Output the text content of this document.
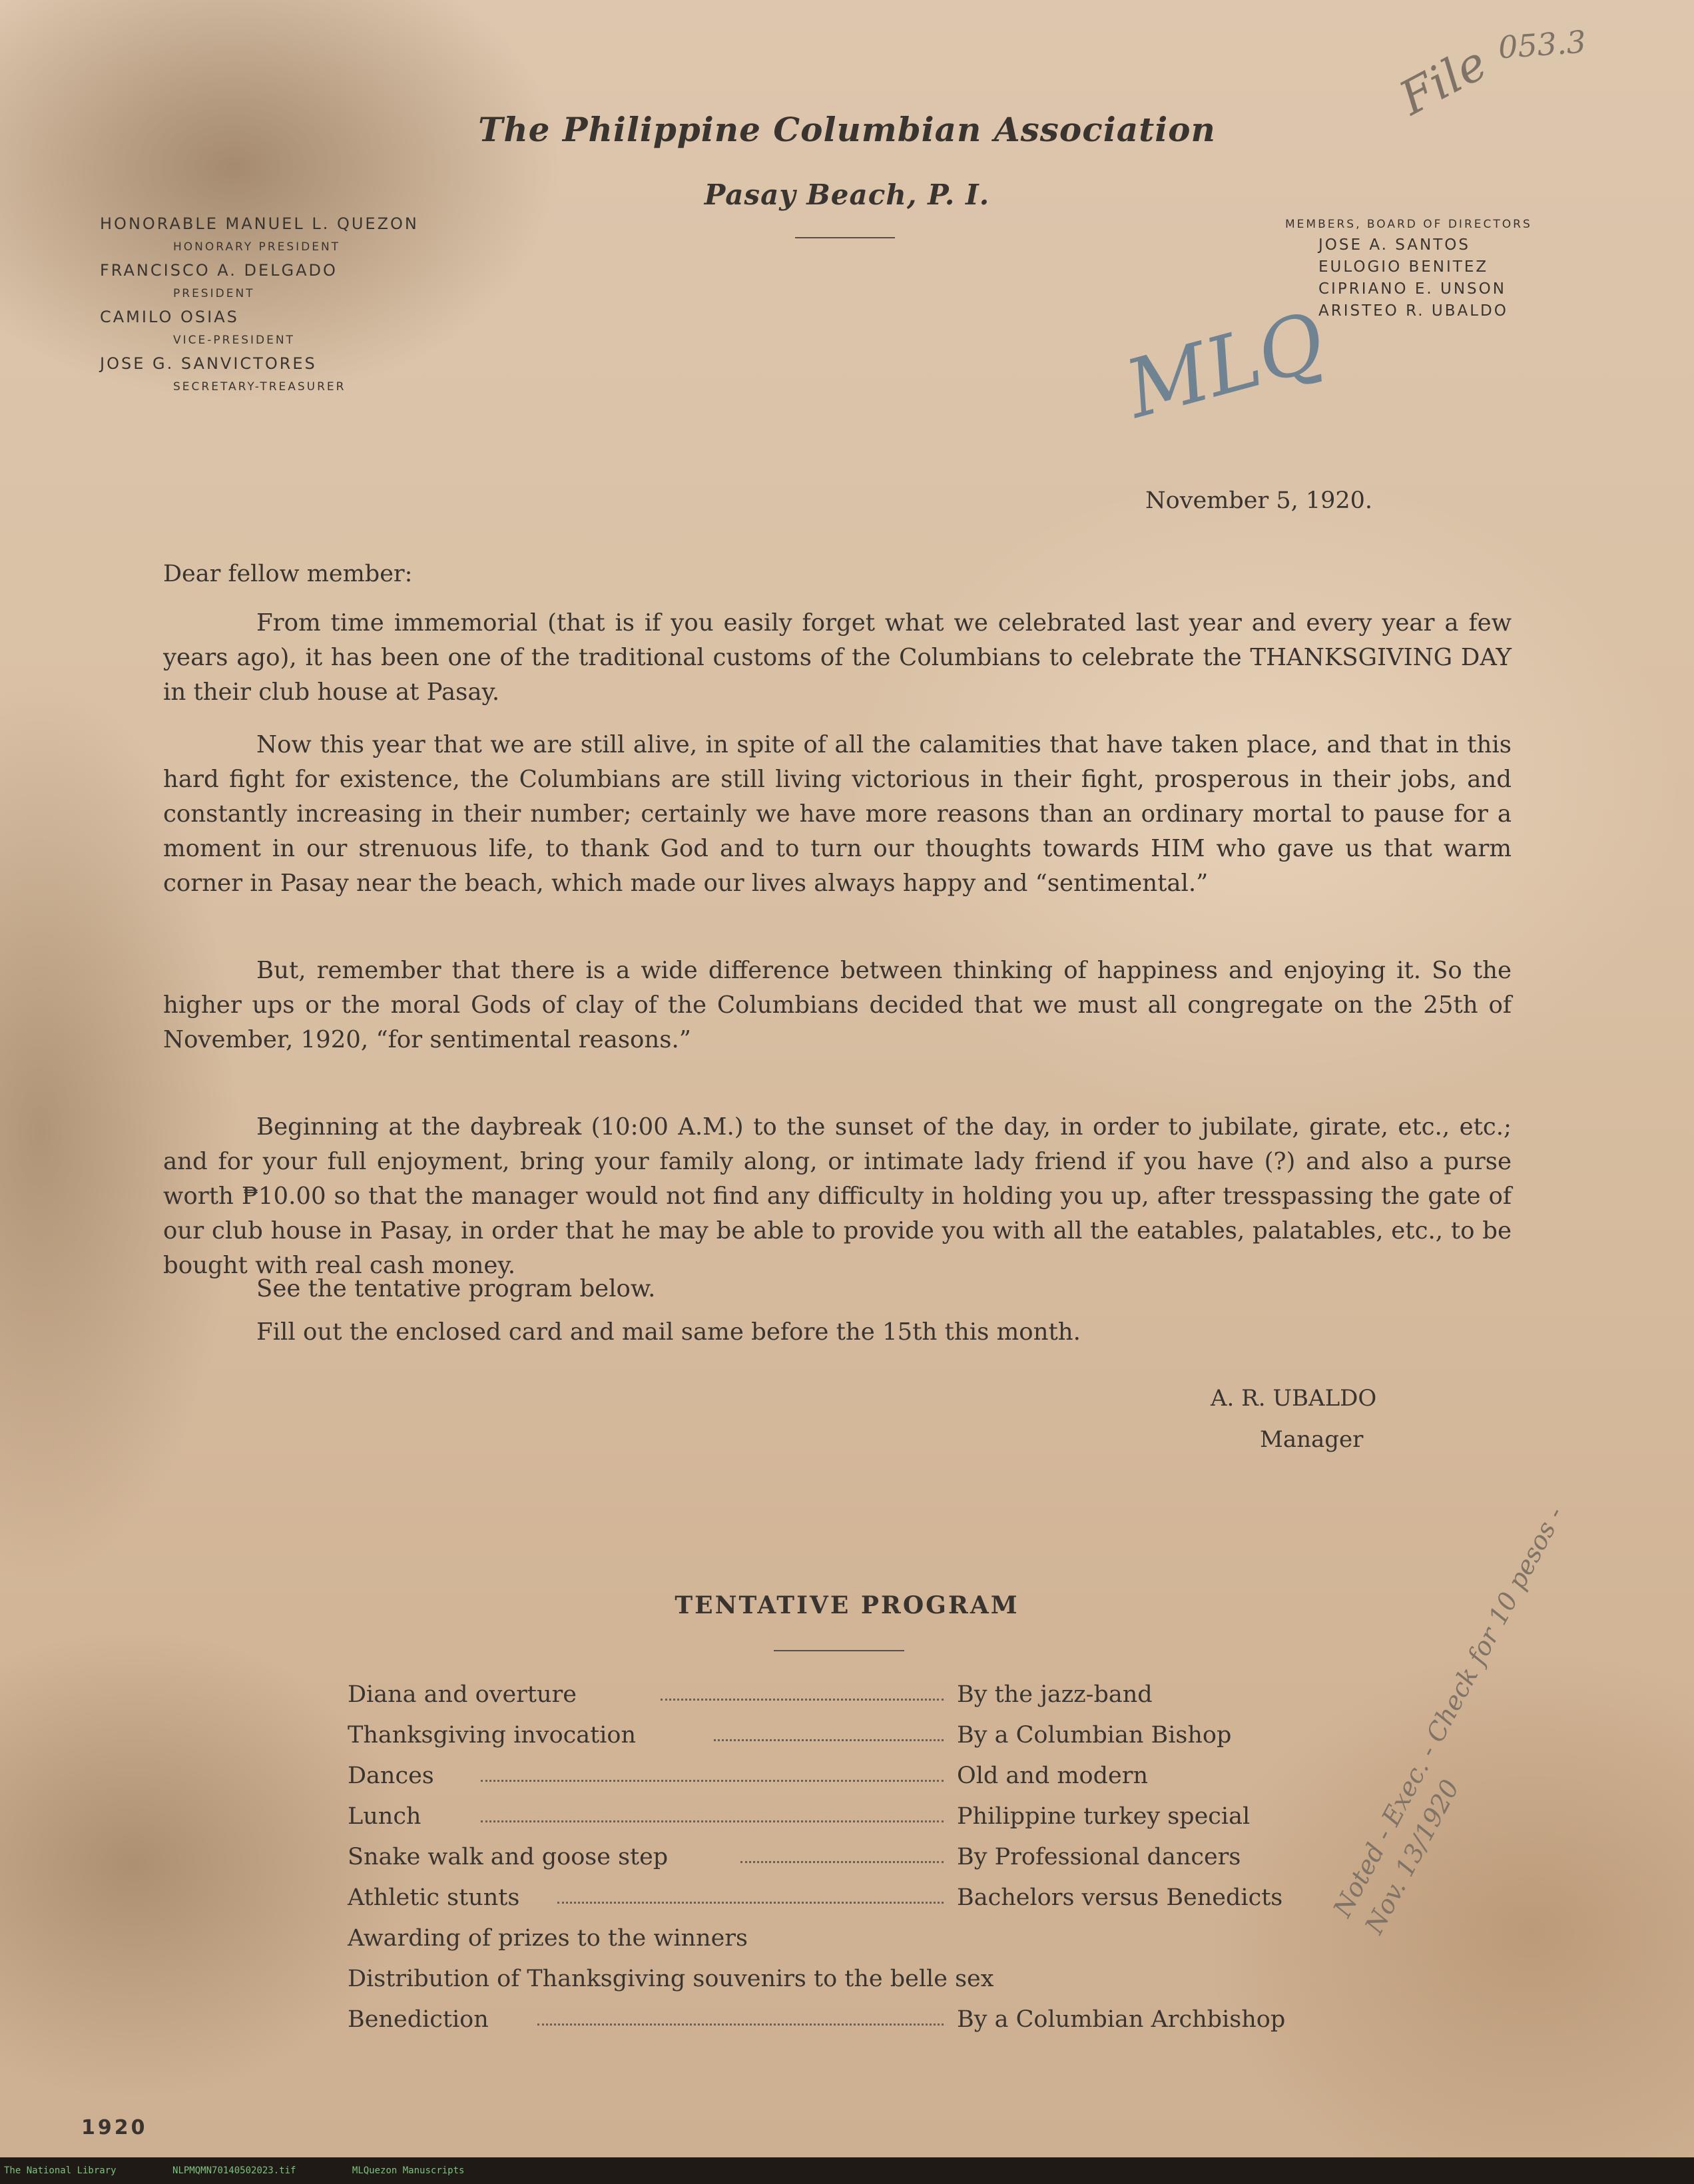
The Philippine Columbian Association
Pasay Beach, P. I.
HONORABLE MANUEL L. QUEZON
HONORARY PRESIDENT
FRANCISCO A. DELGADO
PRESIDENT
CAMILO OSIAS
VICE-PRESIDENT
JOSE G. SANVICTORES
SECRETARY-TREASURER
MEMBERS, BOARD OF DIRECTORS
JOSE A. SANTOS
EULOGIO BENITEZ
CIPRIANO E. UNSON
ARISTEO R. UBALDO
053.3
File
MLQ
Noted - Exec. - Check for 10 pesos - Nov. 13/1920
November 5, 1920.
Dear fellow member:
From time immemorial (that is if you easily forget what we celebrated last year and every year a few years ago), it has been one of the traditional customs of the Columbians to celebrate the THANKSGIVING DAY in their club house at Pasay.
Now this year that we are still alive, in spite of all the calamities that have taken place, and that in this hard fight for existence, the Columbians are still living victorious in their fight, prosperous in their jobs, and constantly increasing in their number; certainly we have more reasons than an ordinary mortal to pause for a moment in our strenuous life, to thank God and to turn our thoughts towards HIM who gave us that warm corner in Pasay near the beach, which made our lives always happy and “sentimental.”
But, remember that there is a wide difference between thinking of happiness and enjoying it. So the higher ups or the moral Gods of clay of the Columbians decided that we must all congregate on the 25th of November, 1920, “for sentimental reasons.”
Beginning at the daybreak (10:00 A.M.) to the sunset of the day, in order to jubilate, girate, etc., etc.; and for your full enjoyment, bring your family along, or intimate lady friend if you have (?) and also a purse worth ₱10.00 so that the manager would not find any difficulty in holding you up, after tresspassing the gate of our club house in Pasay, in order that he may be able to provide you with all the eatables, palatables, etc., to be bought with real cash money.
See the tentative program below.
Fill out the enclosed card and mail same before the 15th this month.
A. R. UBALDO
Manager
TENTATIVE PROGRAM
Diana and overture	By the jazz-band
Thanksgiving invocation	By a Columbian Bishop
Dances	Old and modern
Lunch	Philippine turkey special
Snake walk and goose step	By Professional dancers
Athletic stunts	Bachelors versus Benedicts
Awarding of prizes to the winners
Distribution of Thanksgiving souvenirs to the belle sex
Benediction	By a Columbian Archbishop
1920
The National Library	NLPMQMN70140502023.tif	MLQuezon Manuscripts
